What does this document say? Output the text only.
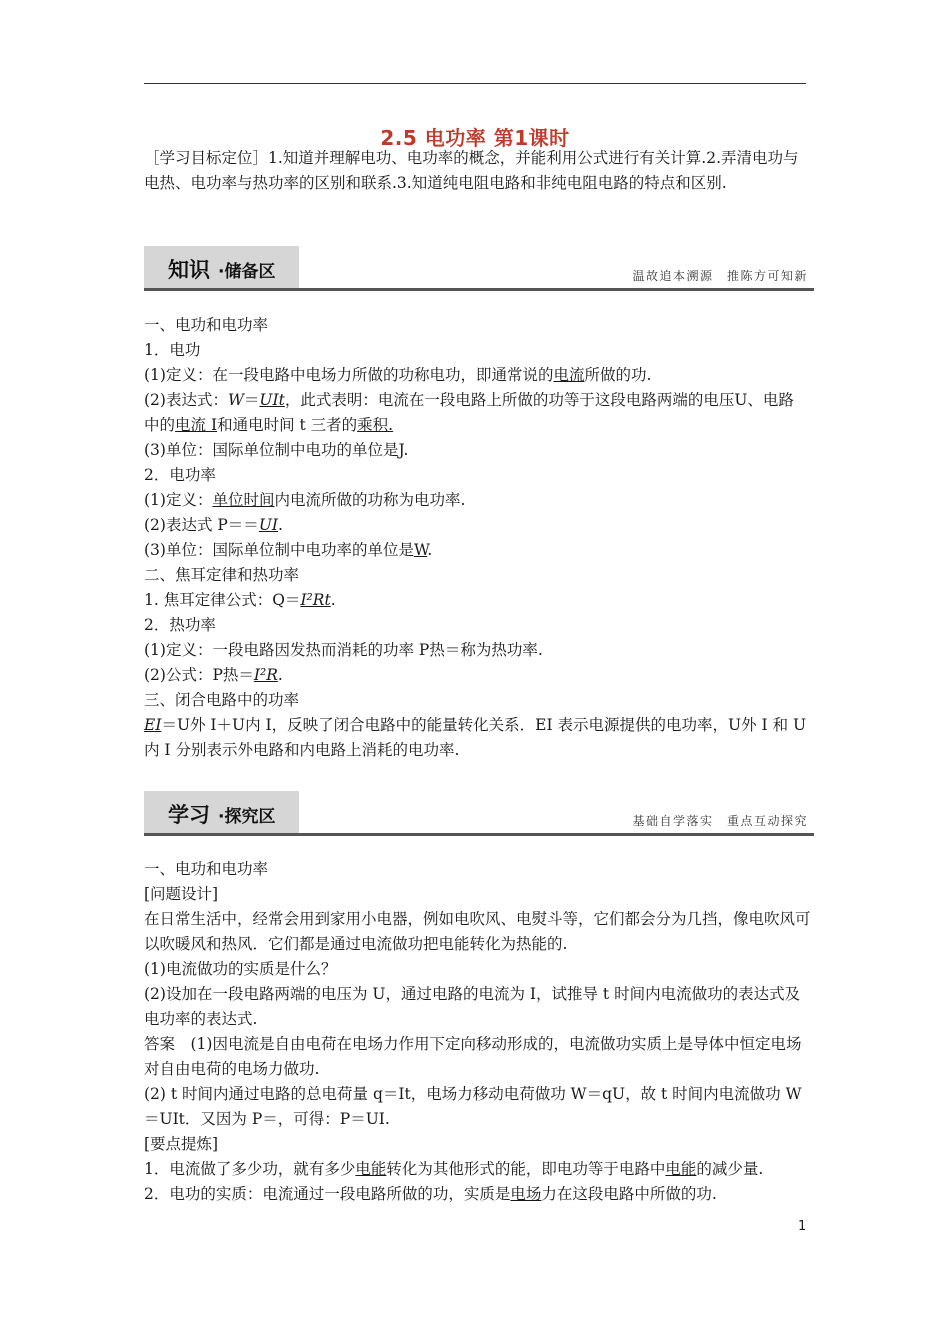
2.5 电功率 第1课时

［学习目标定位］1.知道并理解电功、电功率的概念，并能利用公式进行有关计算.2.弄清电功与电热、电功率与热功率的区别和联系.3.知道纯电阻电路和非纯电阻电路的特点和区别.

知识 ·储备区	温故追本溯源　推陈方可知新

一、电功和电功率

1．电功

(1)定义：在一段电路中电场力所做的功称电功，即通常说的电流所做的功.

(2)表达式：W＝UIt，此式表明：电流在一段电路上所做的功等于这段电路两端的电压U、电路

中的电流 I和通电时间 t 三者的乘积.

(3)单位：国际单位制中电功的单位是J.

2．电功率

(1)定义：单位时间内电流所做的功称为电功率.

(2)表达式 P＝＝UI.

(3)单位：国际单位制中电功率的单位是W.

二、焦耳定律和热功率

1. 焦耳定律公式：Q＝I²Rt.

2．热功率

(1)定义：一段电路因发热而消耗的功率 P热＝称为热功率.

(2)公式：P热＝I²R.

三、闭合电路中的功率

EI＝U外 I＋U内 I，反映了闭合电路中的能量转化关系．EI 表示电源提供的电功率，U外 I 和 U

内 I 分别表示外电路和内电路上消耗的电功率.

学习 ·探究区	基础自学落实　重点互动探究

一、电功和电功率

[问题设计]

在日常生活中，经常会用到家用小电器，例如电吹风、电熨斗等，它们都会分为几挡，像电吹风可以吹暖风和热风．它们都是通过电流做功把电能转化为热能的.

(1)电流做功的实质是什么？

(2)设加在一段电路两端的电压为 U，通过电路的电流为 I，试推导 t 时间内电流做功的表达式及电功率的表达式.

答案　(1)因电流是自由电荷在电场力作用下定向移动形成的，电流做功实质上是导体中恒定电场对自由电荷的电场力做功.

(2) t 时间内通过电路的总电荷量 q＝It，电场力移动电荷做功 W＝qU，故 t 时间内电流做功 W＝UIt．又因为 P＝，可得：P＝UI.

[要点提炼]

1．电流做了多少功，就有多少电能转化为其他形式的能，即电功等于电路中电能的减少量.

2．电功的实质：电流通过一段电路所做的功，实质是电场力在这段电路中所做的功.

1
